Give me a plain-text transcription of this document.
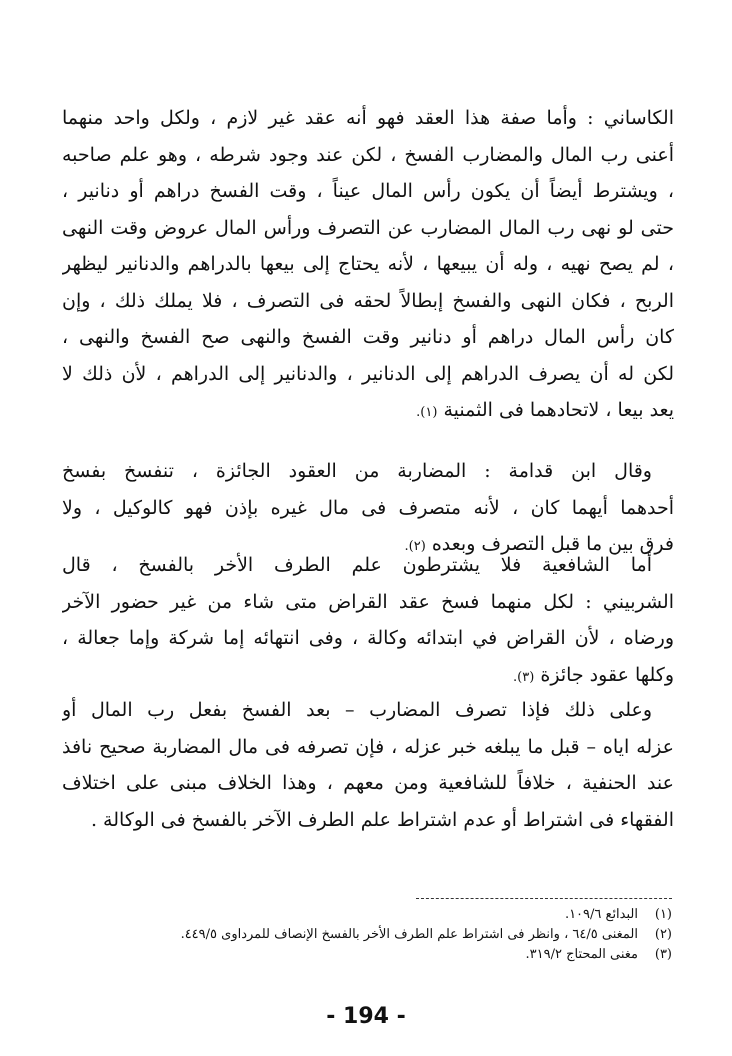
الكاساني : وأما صفة هذا العقد فهو أنه عقد غير لازم ، ولكل واحد منهما
أعنى رب المال والمضارب الفسخ ، لكن عند وجود شرطه ، وهو علم صاحبه
، ويشترط أيضاً أن يكون رأس المال عيناً ، وقت الفسخ دراهم أو دنانير ،
حتى لو نهى رب المال المضارب عن التصرف ورأس المال عروض وقت النهى
، لم يصح نهيه ، وله أن يبيعها ، لأنه يحتاج إلى بيعها بالدراهم والدنانير ليظهر
الربح ، فكان النهى والفسخ إبطالاً لحقه فى التصرف ، فلا يملك ذلك ، وإن
كان رأس المال دراهم أو دنانير وقت الفسخ والنهى صح الفسخ والنهى ،
لكن له أن يصرف الدراهم إلى الدنانير ، والدنانير إلى الدراهم ، لأن ذلك لا
يعد بيعا ، لاتحادهما فى الثمنية (١).
وقال ابن قدامة : المضاربة من العقود الجائزة ، تنفسخ بفسخ
أحدهما أيهما كان ، لأنه متصرف فى مال غيره بإذن فهو كالوكيل ، ولا
فرق بين ما قبل التصرف وبعده (٢).
أما الشافعية فلا يشترطون علم الطرف الأخر بالفسخ ، قال
الشربيني : لكل منهما فسخ عقد القراض متى شاء من غير حضور الآخر
ورضاه ، لأن القراض في ابتدائه وكالة ، وفى انتهائه إما شركة وإما جعالة ،
وكلها عقود جائزة (٣).
وعلى ذلك فإذا تصرف المضارب – بعد الفسخ بفعل رب المال أو
عزله اياه – قبل ما يبلغه خبر عزله ، فإن تصرفه فى مال المضاربة صحيح نافذ
عند الحنفية ، خلافاً للشافعية ومن معهم ، وهذا الخلاف مبنى على اختلاف
الفقهاء فى اشتراط أو عدم اشتراط علم الطرف الآخر بالفسخ فى الوكالة .
(١)
البدائع ١٠٩/٦.
(٢)
المغنى ٦٤/٥ ، وانظر فى اشتراط علم الطرف الأخر بالفسخ الإنصاف للمرداوى ٤٤٩/٥.
(٣)
مغنى المحتاج ٣١٩/٢.
- 194 -
